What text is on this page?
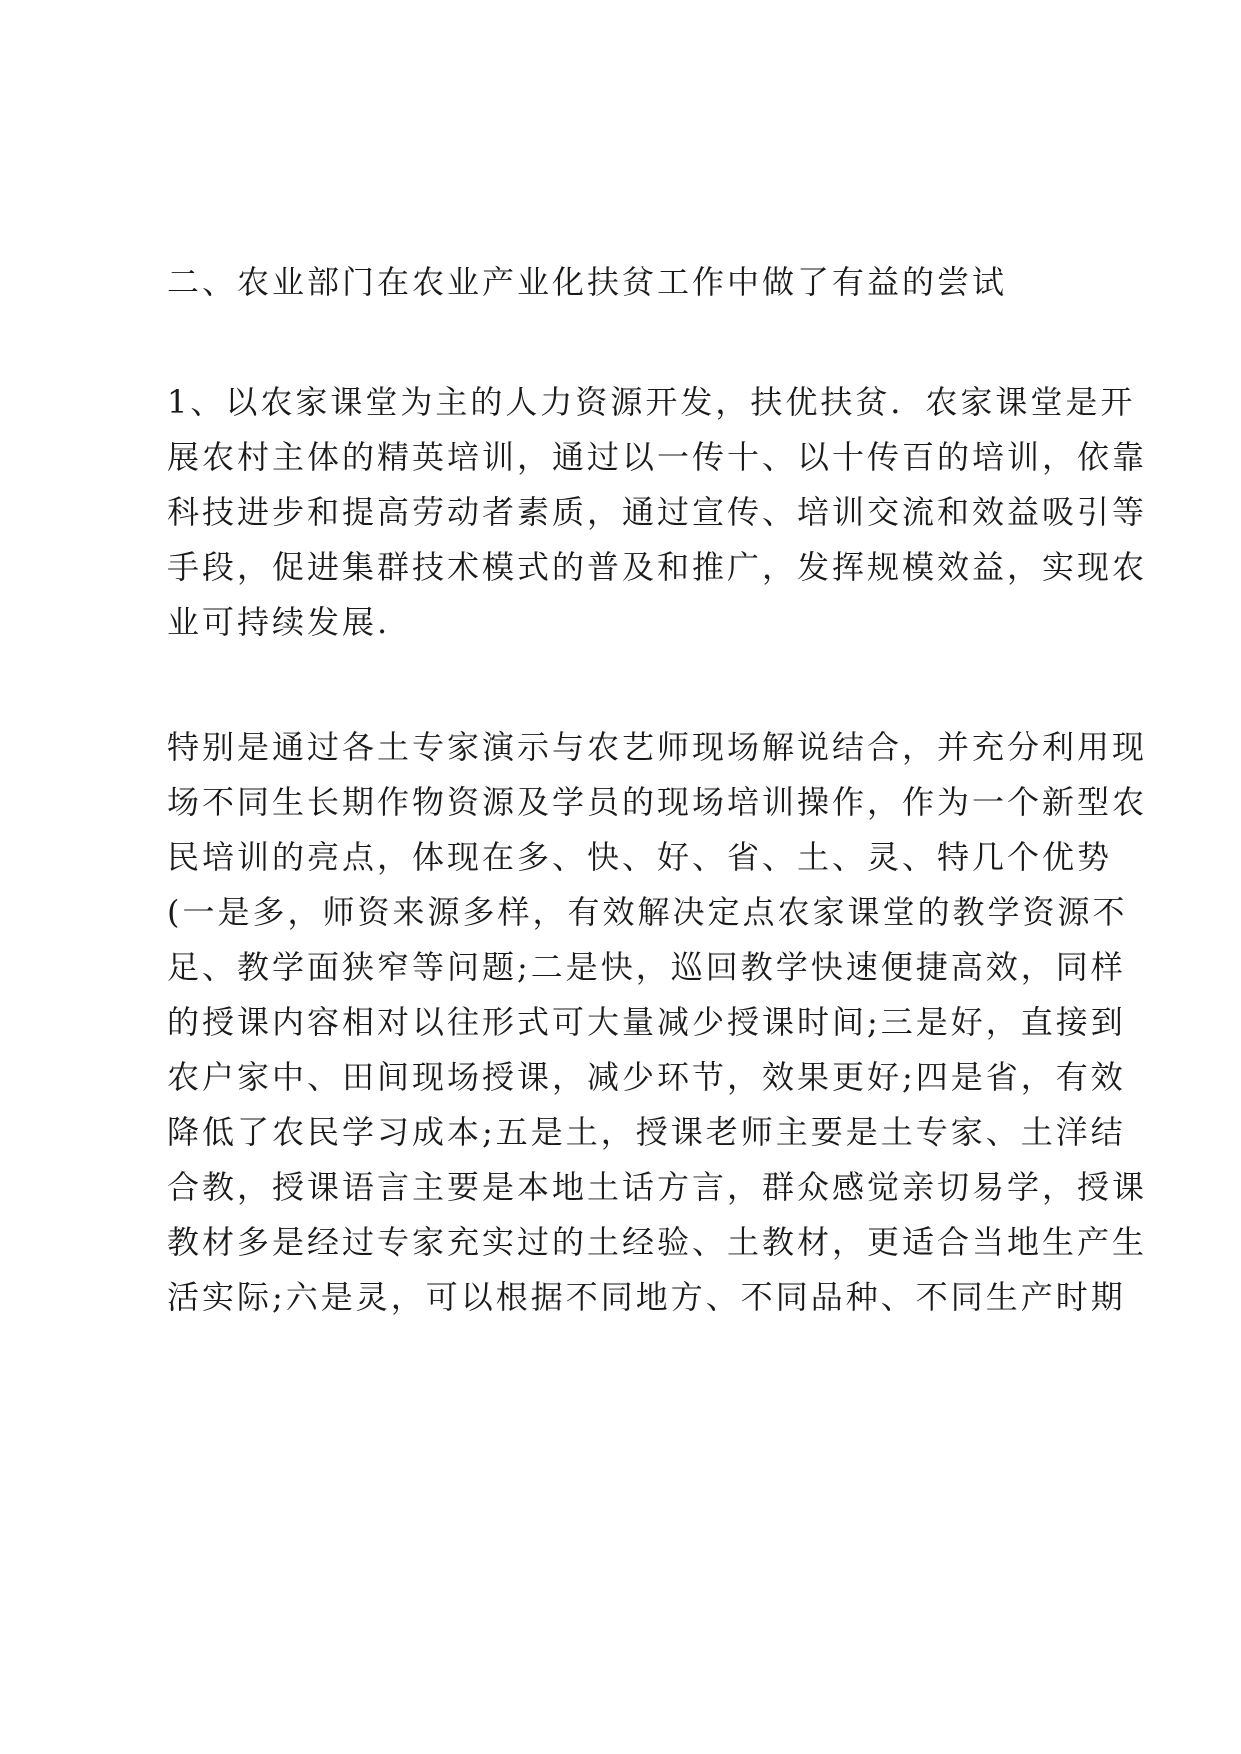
二、农业部门在农业产业化扶贫工作中做了有益的尝试
1、以农家课堂为主的人力资源开发，扶优扶贫．农家课堂是开
展农村主体的精英培训，通过以一传十、以十传百的培训，依靠
科技进步和提高劳动者素质，通过宣传、培训交流和效益吸引等
手段，促进集群技术模式的普及和推广，发挥规模效益，实现农
业可持续发展.
特别是通过各土专家演示与农艺师现场解说结合，并充分利用现
场不同生长期作物资源及学员的现场培训操作，作为一个新型农
民培训的亮点，体现在多、快、好、省、土、灵、特几个优势
(一是多，师资来源多样，有效解决定点农家课堂的教学资源不
足、教学面狭窄等问题;二是快，巡回教学快速便捷高效，同样
的授课内容相对以往形式可大量减少授课时间;三是好，直接到
农户家中、田间现场授课，减少环节，效果更好;四是省，有效
降低了农民学习成本;五是土，授课老师主要是土专家、土洋结
合教，授课语言主要是本地土话方言，群众感觉亲切易学，授课
教材多是经过专家充实过的土经验、土教材，更适合当地生产生
活实际;六是灵，可以根据不同地方、不同品种、不同生产时期
